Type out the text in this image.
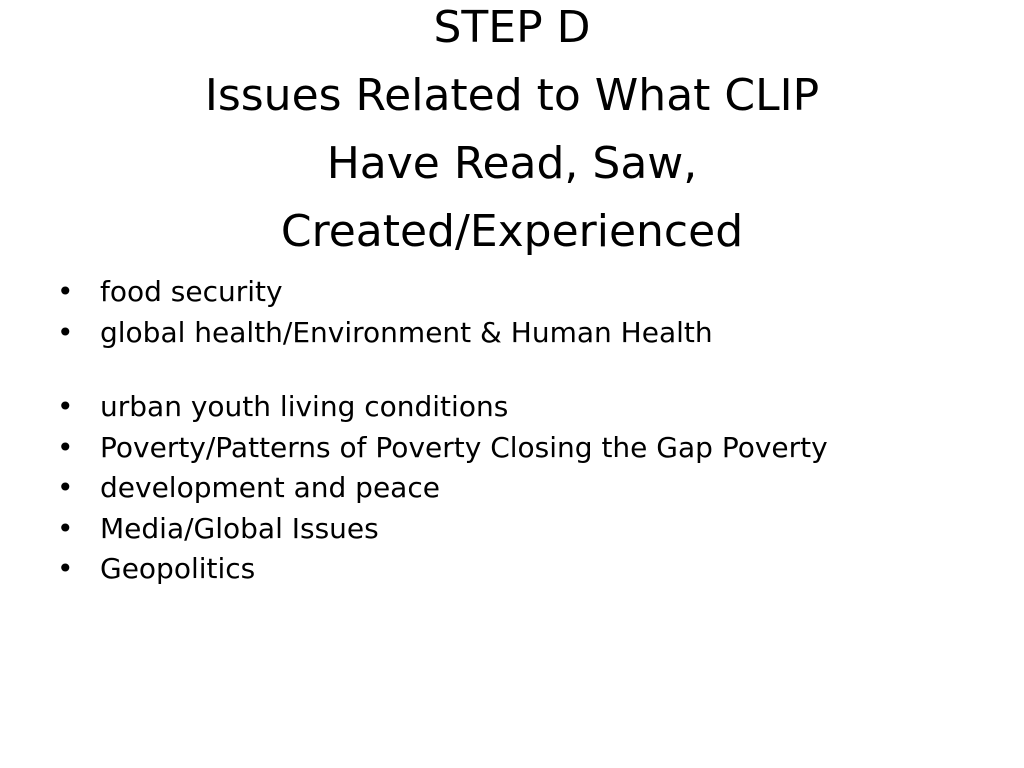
STEP D
Issues Related to What CLIP
Have Read, Saw,
Created/Experienced
• food security
• global health/Environment & Human Health
• urban youth living conditions
• Poverty/Patterns of Poverty Closing the Gap Poverty
• development and peace
• Media/Global Issues
• Geopolitics
